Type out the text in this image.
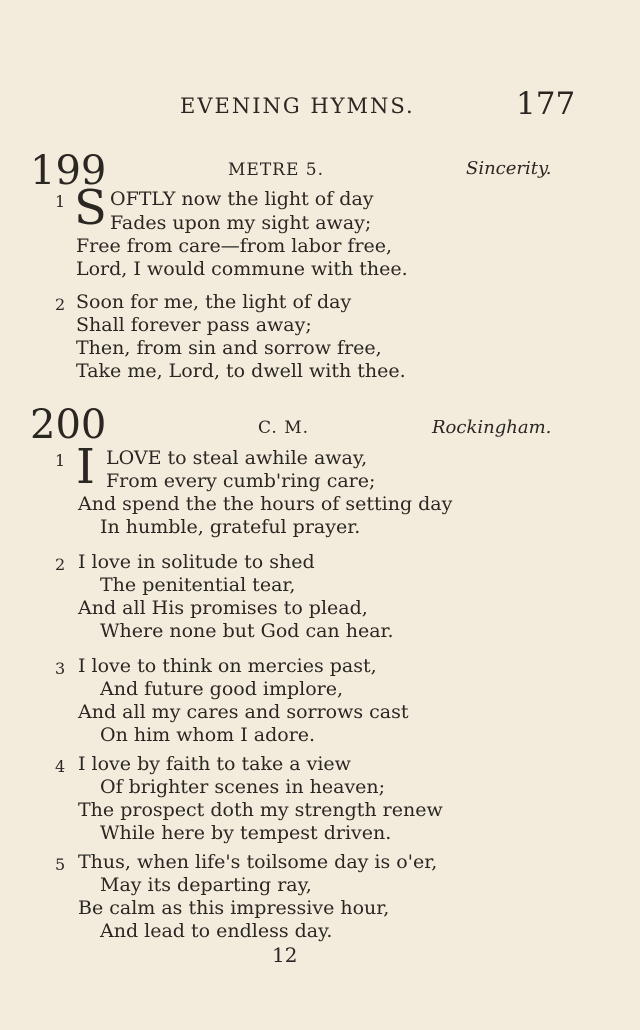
EVENING HYMNS.	177
199	METRE 5.	Sincerity.
1 S OFTLY now the light of day
Fades upon my sight away;
Free from care—from labor free,
Lord, I would commune with thee.
2 Soon for me, the light of day
Shall forever pass away;
Then, from sin and sorrow free,
Take me, Lord, to dwell with thee.
200	C. M.	Rockingham.
1 I LOVE to steal awhile away,
From every cumb'ring care;
And spend the the hours of setting day
In humble, grateful prayer.
2 I love in solitude to shed
The penitential tear,
And all His promises to plead,
Where none but God can hear.
3 I love to think on mercies past,
And future good implore,
And all my cares and sorrows cast
On him whom I adore.
4 I love by faith to take a view
Of brighter scenes in heaven;
The prospect doth my strength renew
While here by tempest driven.
5 Thus, when life's toilsome day is o'er,
May its departing ray,
Be calm as this impressive hour,
And lead to endless day.
12
